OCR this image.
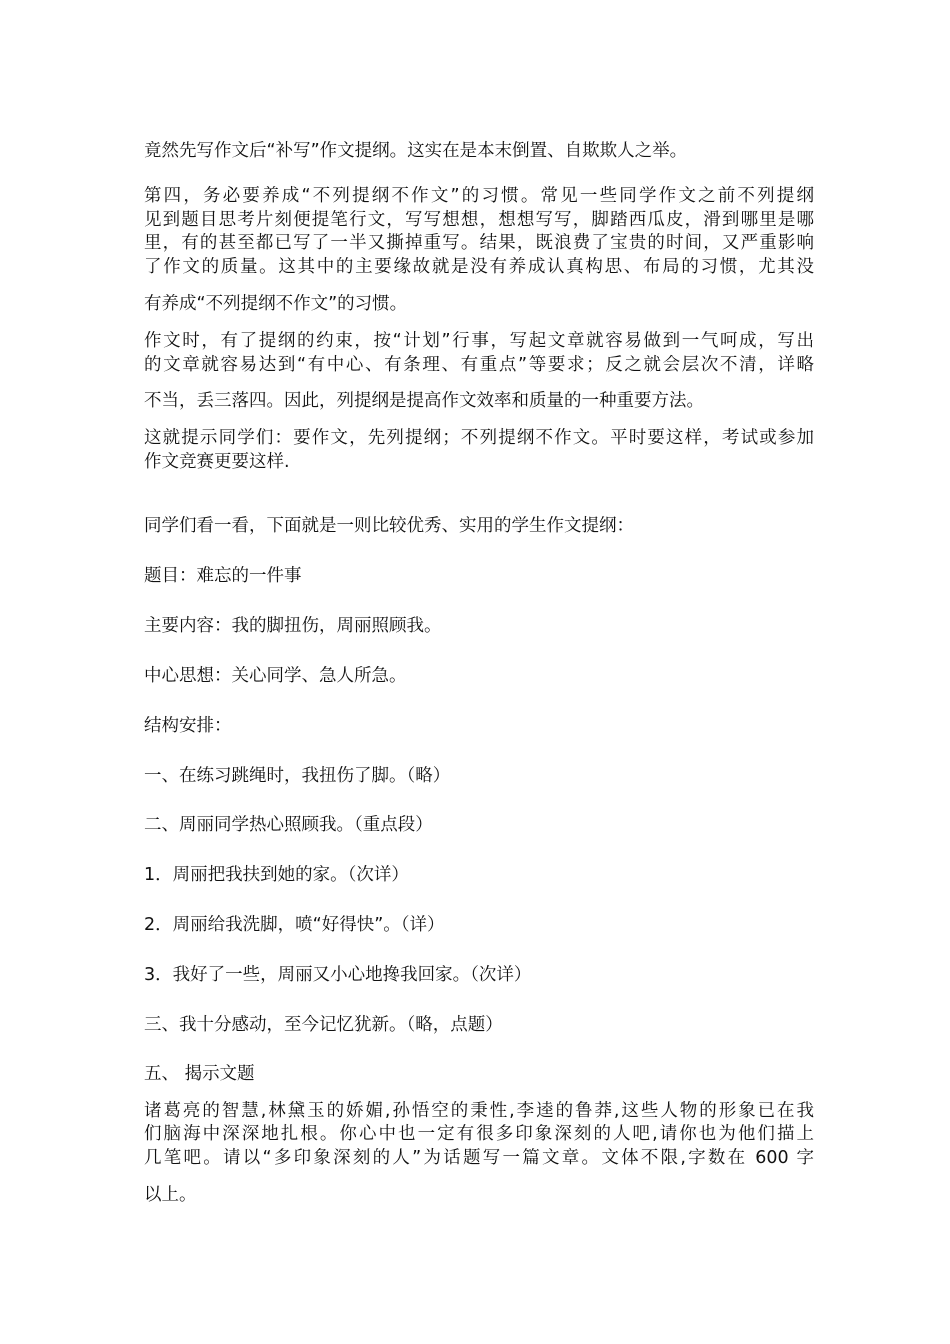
竟然先写作文后“补写”作文提纲。这实在是本末倒置、自欺欺人之举。
第四，务必要养成“不列提纲不作文”的习惯。常见一些同学作文之前不列提纲
见到题目思考片刻便提笔行文，写写想想，想想写写，脚踏西瓜皮，滑到哪里是哪
里，有的甚至都已写了一半又撕掉重写。结果，既浪费了宝贵的时间，又严重影响
了作文的质量。这其中的主要缘故就是没有养成认真构思、布局的习惯，尤其没
有养成“不列提纲不作文”的习惯。
作文时，有了提纲的约束，按“计划”行事，写起文章就容易做到一气呵成，写出
的文章就容易达到“有中心、有条理、有重点”等要求；反之就会层次不清，详略
不当，丢三落四。因此，列提纲是提高作文效率和质量的一种重要方法。
这就提示同学们：要作文，先列提纲；不列提纲不作文。平时要这样，考试或参加
作文竞赛更要这样.
同学们看一看，下面就是一则比较优秀、实用的学生作文提纲：
题目：难忘的一件事
主要内容：我的脚扭伤，周丽照顾我。
中心思想：关心同学、急人所急。
结构安排：
一、在练习跳绳时，我扭伤了脚。（略）
二、周丽同学热心照顾我。（重点段）
1．周丽把我扶到她的家。（次详）
2．周丽给我洗脚，喷“好得快”。（详）
3．我好了一些，周丽又小心地搀我回家。（次详）
三、我十分感动，至今记忆犹新。（略，点题）
五、 揭示文题
诸葛亮的智慧,林黛玉的娇媚,孙悟空的秉性,李逵的鲁莽,这些人物的形象已在我
们脑海中深深地扎根。你心中也一定有很多印象深刻的人吧,请你也为他们描上
几笔吧。请以“多印象深刻的人”为话题写一篇文章。文体不限,字数在 600 字
以上。
